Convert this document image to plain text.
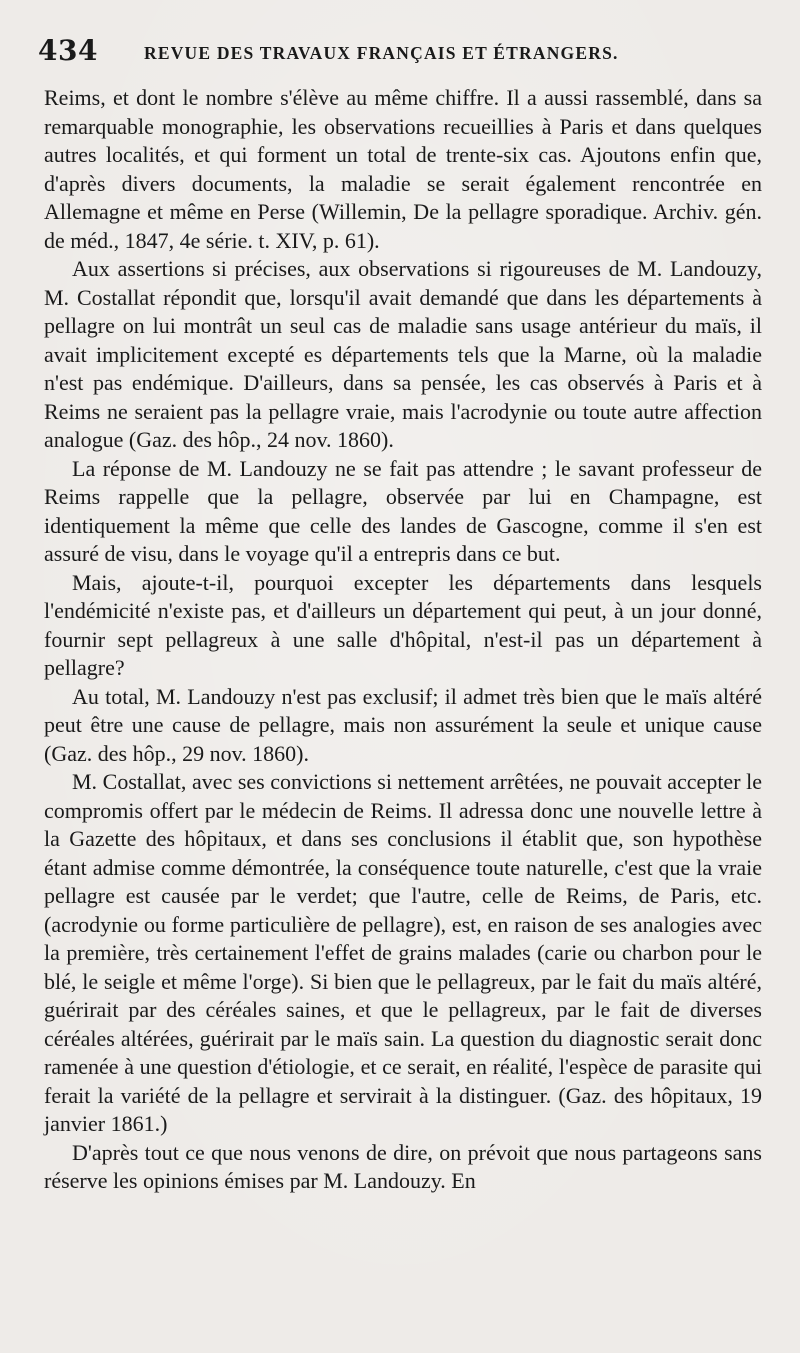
434	REVUE DES TRAVAUX FRANÇAIS ET ÉTRANGERS.

Reims, et dont le nombre s'élève au même chiffre. Il a aussi rassemblé, dans sa remarquable monographie, les observations recueillies à Paris et dans quelques autres localités, et qui forment un total de trente-six cas. Ajoutons enfin que, d'après divers documents, la maladie se serait également rencontrée en Allemagne et même en Perse (Willemin, De la pellagre sporadique. Archiv. gén. de méd., 1847, 4e série. t. XIV, p. 61).

Aux assertions si précises, aux observations si rigoureuses de M. Landouzy, M. Costallat répondit que, lorsqu'il avait demandé que dans les départements à pellagre on lui montrât un seul cas de maladie sans usage antérieur du maïs, il avait implicitement excepté es départements tels que la Marne, où la maladie n'est pas endémique. D'ailleurs, dans sa pensée, les cas observés à Paris et à Reims ne seraient pas la pellagre vraie, mais l'acrodynie ou toute autre affection analogue (Gaz. des hôp., 24 nov. 1860).

La réponse de M. Landouzy ne se fait pas attendre ; le savant professeur de Reims rappelle que la pellagre, observée par lui en Champagne, est identiquement la même que celle des landes de Gascogne, comme il s'en est assuré de visu, dans le voyage qu'il a entrepris dans ce but.

Mais, ajoute-t-il, pourquoi excepter les départements dans lesquels l'endémicité n'existe pas, et d'ailleurs un département qui peut, à un jour donné, fournir sept pellagreux à une salle d'hôpital, n'est-il pas un département à pellagre?

Au total, M. Landouzy n'est pas exclusif; il admet très bien que le maïs altéré peut être une cause de pellagre, mais non assurément la seule et unique cause (Gaz. des hôp., 29 nov. 1860).

M. Costallat, avec ses convictions si nettement arrêtées, ne pouvait accepter le compromis offert par le médecin de Reims. Il adressa donc une nouvelle lettre à la Gazette des hôpitaux, et dans ses conclusions il établit que, son hypothèse étant admise comme démontrée, la conséquence toute naturelle, c'est que la vraie pellagre est causée par le verdet; que l'autre, celle de Reims, de Paris, etc. (acrodynie ou forme particulière de pellagre), est, en raison de ses analogies avec la première, très certainement l'effet de grains malades (carie ou charbon pour le blé, le seigle et même l'orge). Si bien que le pellagreux, par le fait du maïs altéré, guérirait par des céréales saines, et que le pellagreux, par le fait de diverses céréales altérées, guérirait par le maïs sain. La question du diagnostic serait donc ramenée à une question d'étiologie, et ce serait, en réalité, l'espèce de parasite qui ferait la variété de la pellagre et servirait à la distinguer. (Gaz. des hôpitaux, 19 janvier 1861.)

D'après tout ce que nous venons de dire, on prévoit que nous partageons sans réserve les opinions émises par M. Landouzy. En
